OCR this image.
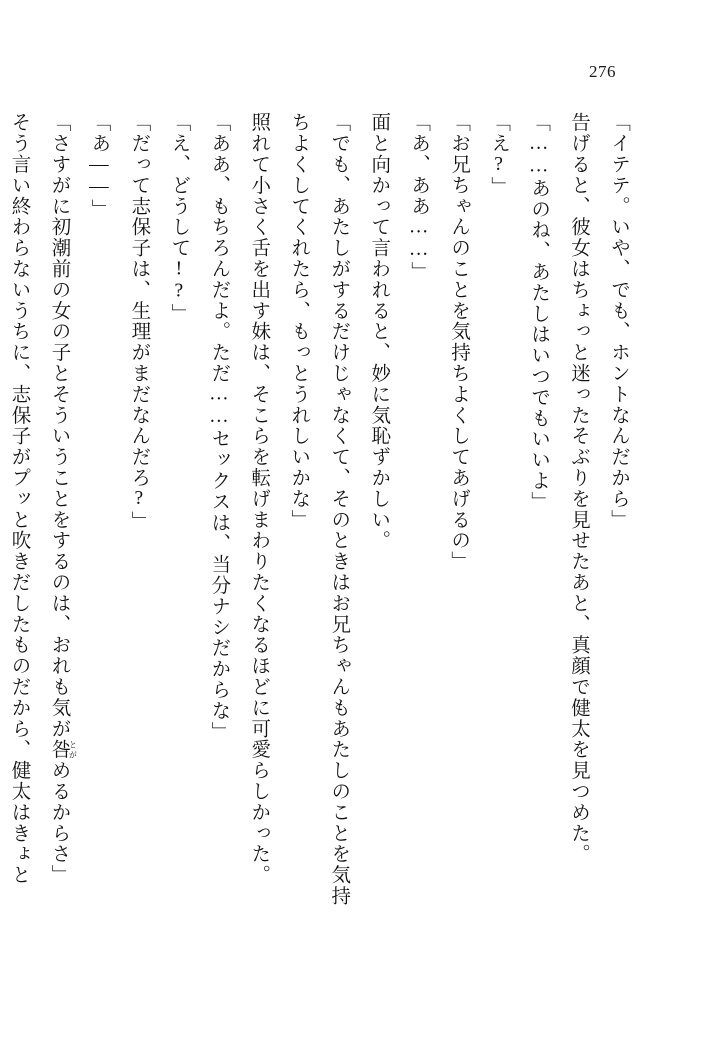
276
「イテテ。いや、でも、ホントなんだから」
告げると、彼女はちょっと迷ったそぶりを見せたあと、真顔で健太を見つめた。
「……あのね、あたしはいつでもいいよ」
「え?」
「お兄ちゃんのことを気持ちよくしてあげるの」
「あ、ああ……」
面と向かって言われると、妙に気恥ずかしい。
「でも、あたしがするだけじゃなくて、そのときはお兄ちゃんもあたしのことを気持
ちよくしてくれたら、もっとうれしいかな」
照れて小さく舌を出す妹は、そこらを転げまわりたくなるほどに可愛らしかった。
「ああ、もちろんだよ。ただ……セックスは、当分ナシだからな」
「え、どうして!?」
「だって志保子は、生理がまだなんだろ?」
「あ――」
「さすがに初潮前の女の子とそういうことをするのは、おれも気が咎 とがめるからさ」
そう言い終わらないうちに、志保子がプッと吹きだしたものだから、健太はきょと
